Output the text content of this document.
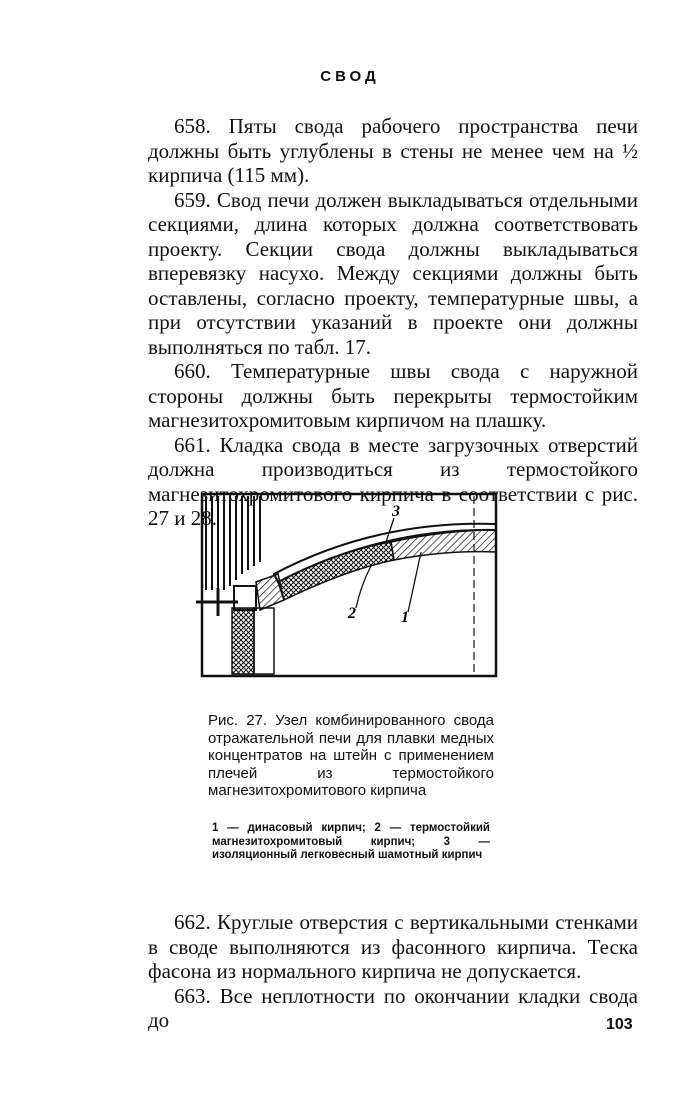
СВОД

658. Пяты свода рабочего пространства печи должны быть углублены в стены не менее чем на ½ кирпича (115 мм).

659. Свод печи должен выкладываться отдельными секциями, длина которых должна соответствовать проекту. Секции свода должны выкладываться вперевязку насухо. Между секциями должны быть оставлены, согласно проекту, температурные швы, а при отсутствии указаний в проекте они должны выполняться по табл. 17.

660. Температурные швы свода с наружной стороны должны быть перекрыты термостойким магнезитохромитовым кирпичом на плашку.

661. Кладка свода в месте загрузочных отверстий должна производиться из термостойкого магнезитохромитового кирпича в соответствии с рис. 27 и 28.	3
2	1
Рис. 27. Узел комбинированного свода отражательной печи для плавки медных концентратов на штейн с применением плечей из термостойкого магнезитохромитового кирпича
1 — динасовый кирпич; 2 — термостойкий магнезитохромитовый кирпич; 3 — изоляционный легковесный шамотный кирпич

662. Круглые отверстия с вертикальными стенками в своде выполняются из фасонного кирпича. Теска фасона из нормального кирпича не допускается.

663. Все неплотности по окончании кладки свода до	103
